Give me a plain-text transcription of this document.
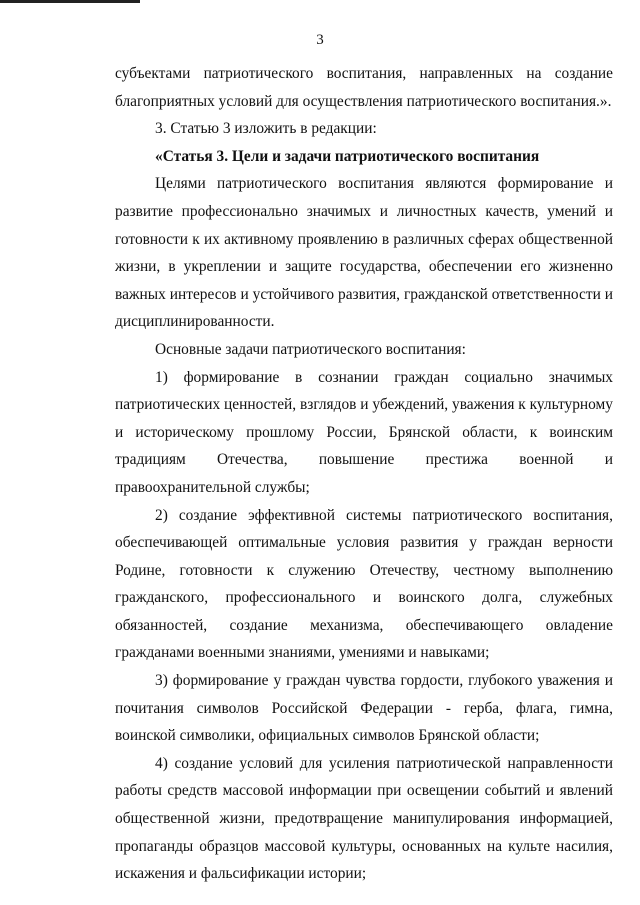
3

субъектами патриотического воспитания, направленных на создание благоприятных условий для осуществления патриотического воспитания.».

3. Статью 3 изложить в редакции:

«Статья 3. Цели и задачи патриотического воспитания

Целями патриотического воспитания являются формирование и развитие профессионально значимых и личностных качеств, умений и готовности к их активному проявлению в различных сферах общественной жизни, в укреплении и защите государства, обеспечении его жизненно важных интересов и устойчивого развития, гражданской ответственности и дисциплинированности.

Основные задачи патриотического воспитания:

1) формирование в сознании граждан социально значимых патриотических ценностей, взглядов и убеждений, уважения к культурному и историческому прошлому России, Брянской области, к воинским традициям Отечества, повышение престижа военной и правоохранительной службы;

2) создание эффективной системы патриотического воспитания, обеспечивающей оптимальные условия развития у граждан верности Родине, готовности к служению Отечеству, честному выполнению гражданского, профессионального и воинского долга, служебных обязанностей, создание механизма, обеспечивающего овладение гражданами военными знаниями, умениями и навыками;

3) формирование у граждан чувства гордости, глубокого уважения и почитания символов Российской Федерации - герба, флага, гимна, воинской символики, официальных символов Брянской области;

4) создание условий для усиления патриотической направленности работы средств массовой информации при освещении событий и явлений общественной жизни, предотвращение манипулирования информацией, пропаганды образцов массовой культуры, основанных на культе насилия, искажения и фальсификации истории;
